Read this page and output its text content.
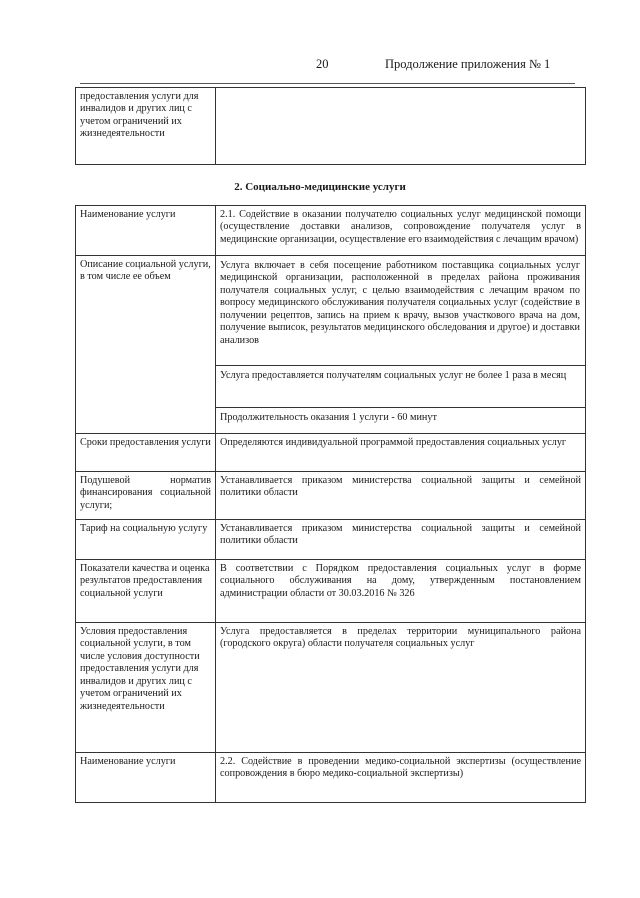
20	Продолжение приложения № 1
предоставления услуги для инвалидов и других лиц с учетом ограничений их жизнедеятельности	
2. Социально-медицинские услуги
Наименование услуги	2.1. Содействие в оказании получателю социальных услуг медицинской помощи (осуществление доставки анализов, сопровождение получателя услуг в медицинские организации, осуществление его взаимодействия с лечащим врачом)
Описание социальной услуги, в том числе ее объем	Услуга включает в себя посещение работником поставщика социальных услуг медицинской организации, расположенной в пределах района проживания получателя социальных услуг, с целью взаимодействия с лечащим врачом по вопросу медицинского обслуживания получателя социальных услуг (содействие в получении рецептов, запись на прием к врачу, вызов участкового врача на дом, получение выписок, результатов медицинского обследования и другое) и доставки анализов
Услуга предоставляется получателям социальных услуг не более 1 раза в месяц
Продолжительность оказания 1 услуги - 60 минут

Сроки предоставления услуги	Определяются индивидуальной программой предоставления социальных услуг

Подушевой норматив финансирования социальной услуги;	Устанавливается приказом министерства социальной защиты и семейной политики области
Тариф на социальную услугу	Устанавливается приказом министерства социальной защиты и семейной политики области
Показатели качества и оценка результатов предоставления социальной услуги	В соответствии с Порядком предоставления социальных услуг в форме социального обслуживания на дому, утвержденным постановлением администрации области от 30.03.2016 № 326
Условия предоставления социальной услуги, в том числе условия доступности предоставления услуги для инвалидов и других лиц с учетом ограничений их жизнедеятельности	Услуга предоставляется в пределах территории муниципального района (городского округа) области получателя социальных услуг
Наименование услуги	2.2. Содействие в проведении медико-социальной экспертизы (осуществление сопровождения в бюро медико-социальной экспертизы)
